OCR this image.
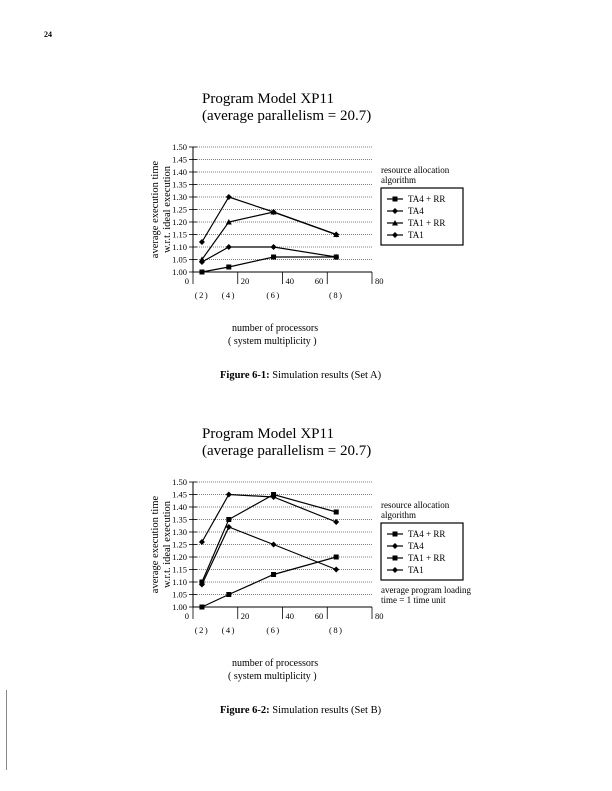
24
Program Model XP11
(average parallelism = 20.7)
average execution time w.r.t. ideal execution
1.00
1.05
1.10
1.15
1.20
1.25
1.30
1.35
1.40
1.45
1.50
0	20	40 60	80
(2) (4)	(6)	(8)
number of processors
( system multiplicity )
resource allocation
algorithm
TA4 + RR
TA4
TA1 + RR
TA1
Figure 6-1: Simulation results (Set A)
Program Model XP11
(average parallelism = 20.7)
average execution time w.r.t. ideal execution
1.00
1.05
1.10
1.15
1.20
1.25
1.30
1.35
1.40
1.45
1.50
0	20	40 60	80
(2) (4)	(6)	(8)
number of processors
( system multiplicity )
resource allocation
algorithm
TA4 + RR
TA4
TA1 + RR
TA1
average program loading
time = 1 time unit
Figure 6-2: Simulation results (Set B)
